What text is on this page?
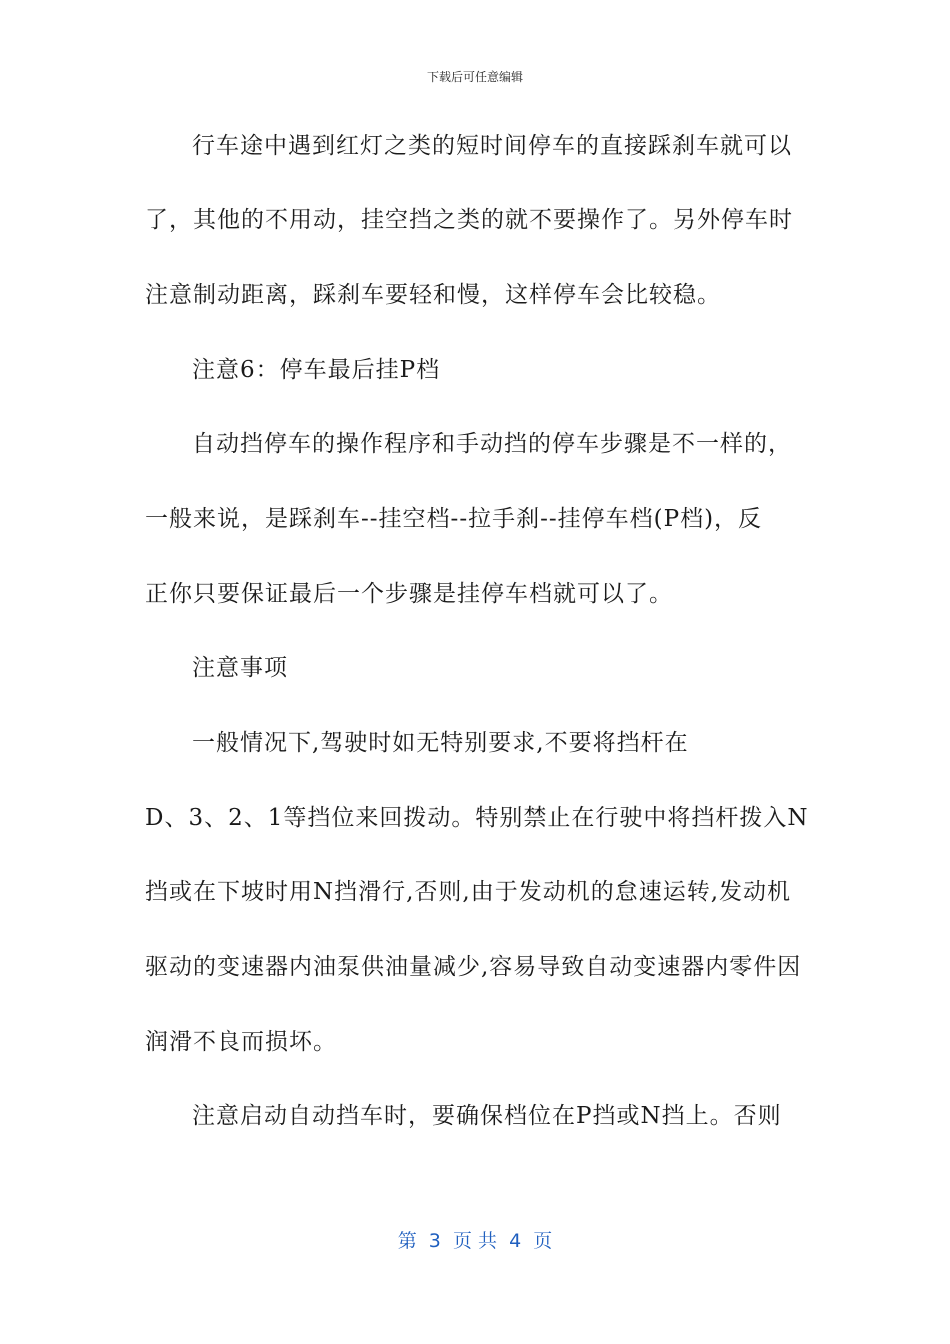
下载后可任意编辑
行车途中遇到红灯之类的短时间停车的直接踩刹车就可以
了，其他的不用动，挂空挡之类的就不要操作了。另外停车时
注意制动距离，踩刹车要轻和慢，这样停车会比较稳。
注意6：停车最后挂P档
自动挡停车的操作程序和手动挡的停车步骤是不一样的，
一般来说，是踩刹车--挂空档--拉手刹--挂停车档(P档)，反
正你只要保证最后一个步骤是挂停车档就可以了。
注意事项
一般情况下,驾驶时如无特别要求,不要将挡杆在
D、3、2、1等挡位来回拨动。特别禁止在行驶中将挡杆拨入N
挡或在下坡时用N挡滑行,否则,由于发动机的怠速运转,发动机
驱动的变速器内油泵供油量减少,容易导致自动变速器内零件因
润滑不良而损坏。
注意启动自动挡车时，要确保档位在P挡或N挡上。否则
第  3  页 共  4  页
